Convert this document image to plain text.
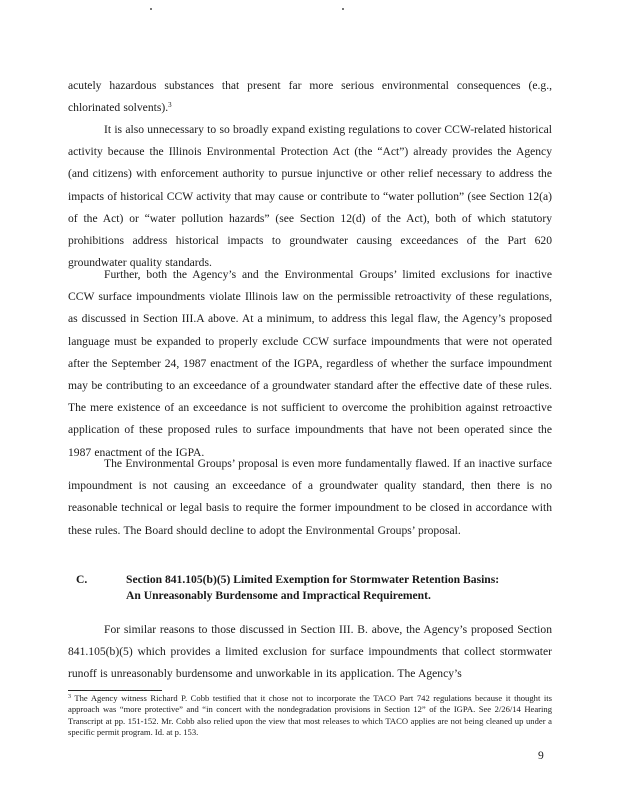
acutely hazardous substances that present far more serious environmental consequences (e.g., chlorinated solvents).$^3$

It is also unnecessary to so broadly expand existing regulations to cover CCW-related historical activity because the Illinois Environmental Protection Act (the “Act”) already provides the Agency (and citizens) with enforcement authority to pursue injunctive or other relief necessary to address the impacts of historical CCW activity that may cause or contribute to “water pollution” (see Section 12(a) of the Act) or “water pollution hazards” (see Section 12(d) of the Act), both of which statutory prohibitions address historical impacts to groundwater causing exceedances of the Part 620 groundwater quality standards.

Further, both the Agency’s and the Environmental Groups’ limited exclusions for inactive CCW surface impoundments violate Illinois law on the permissible retroactivity of these regulations, as discussed in Section III.A above. At a minimum, to address this legal flaw, the Agency’s proposed language must be expanded to properly exclude CCW surface impoundments that were not operated after the September 24, 1987 enactment of the IGPA, regardless of whether the surface impoundment may be contributing to an exceedance of a groundwater standard after the effective date of these rules. The mere existence of an exceedance is not sufficient to overcome the prohibition against retroactive application of these proposed rules to surface impoundments that have not been operated since the 1987 enactment of the IGPA.

The Environmental Groups’ proposal is even more fundamentally flawed. If an inactive surface impoundment is not causing an exceedance of a groundwater quality standard, then there is no reasonable technical or legal basis to require the former impoundment to be closed in accordance with these rules. The Board should decline to adopt the Environmental Groups’ proposal.

C.	Section 841.105(b)(5) Limited Exemption for Stormwater Retention Basins:
An Unreasonably Burdensome and Impractical Requirement.

For similar reasons to those discussed in Section III. B. above, the Agency’s proposed Section 841.105(b)(5) which provides a limited exclusion for surface impoundments that collect stormwater runoff is unreasonably burdensome and unworkable in its application. The Agency’s

$^3$ The Agency witness Richard P. Cobb testified that it chose not to incorporate the TACO Part 742 regulations because it thought its approach was “more protective” and “in concert with the nondegradation provisions in Section 12” of the IGPA. See 2/26/14 Hearing Transcript at pp. 151-152. Mr. Cobb also relied upon the view that most releases to which TACO applies are not being cleaned up under a specific permit program. Id. at p. 153.

9
